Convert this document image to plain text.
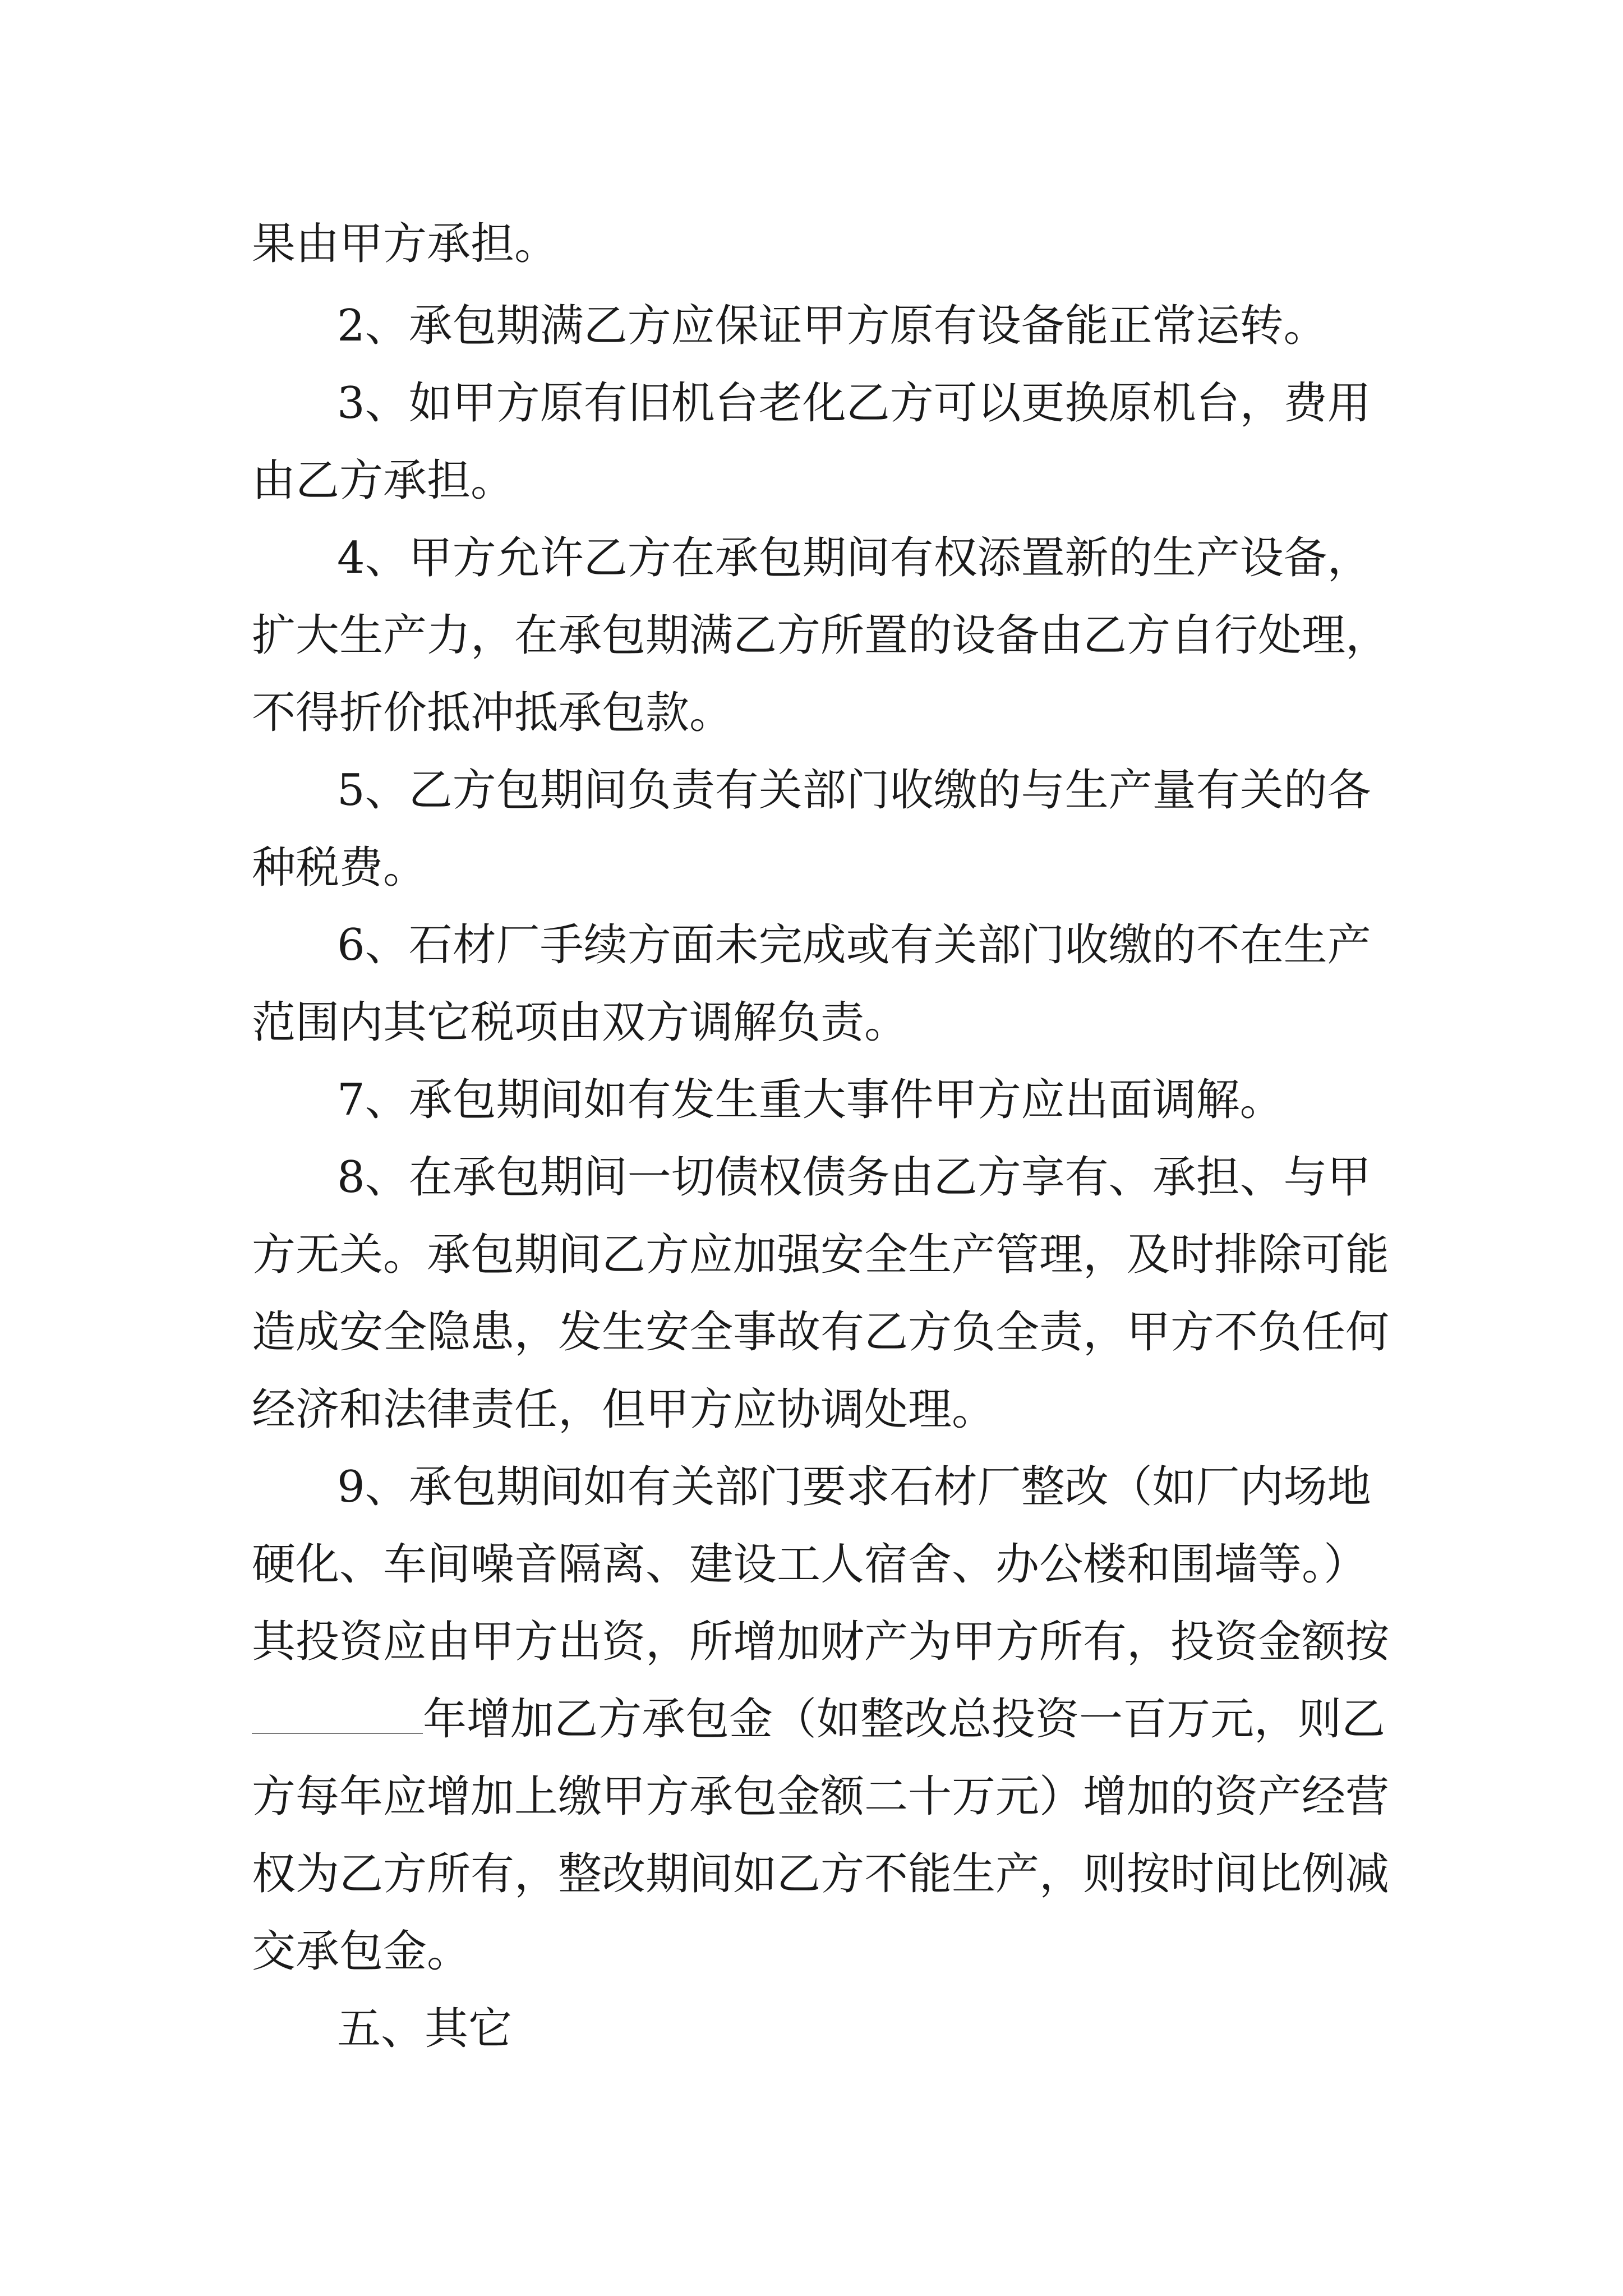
果由甲方承担。
2、承包期满乙方应保证甲方原有设备能正常运转。
3、如甲方原有旧机台老化乙方可以更换原机台，费用
由乙方承担。
4、甲方允许乙方在承包期间有权添置新的生产设备，
扩大生产力，在承包期满乙方所置的设备由乙方自行处理，
不得折价抵冲抵承包款。
5、乙方包期间负责有关部门收缴的与生产量有关的各
种税费。
6、石材厂手续方面未完成或有关部门收缴的不在生产
范围内其它税项由双方调解负责。
7、承包期间如有发生重大事件甲方应出面调解。
8、在承包期间一切债权债务由乙方享有、承担、与甲
方无关。承包期间乙方应加强安全生产管理，及时排除可能
造成安全隐患，发生安全事故有乙方负全责，甲方不负任何
经济和法律责任，但甲方应协调处理。
9、承包期间如有关部门要求石材厂整改（如厂内场地
硬化、车间噪音隔离、建设工人宿舍、办公楼和围墙等。）
其投资应由甲方出资，所增加财产为甲方所有，投资金额按
年增加乙方承包金（如整改总投资一百万元，则乙
方每年应增加上缴甲方承包金额二十万元）增加的资产经营
权为乙方所有，整改期间如乙方不能生产，则按时间比例减
交承包金。
五、其它
